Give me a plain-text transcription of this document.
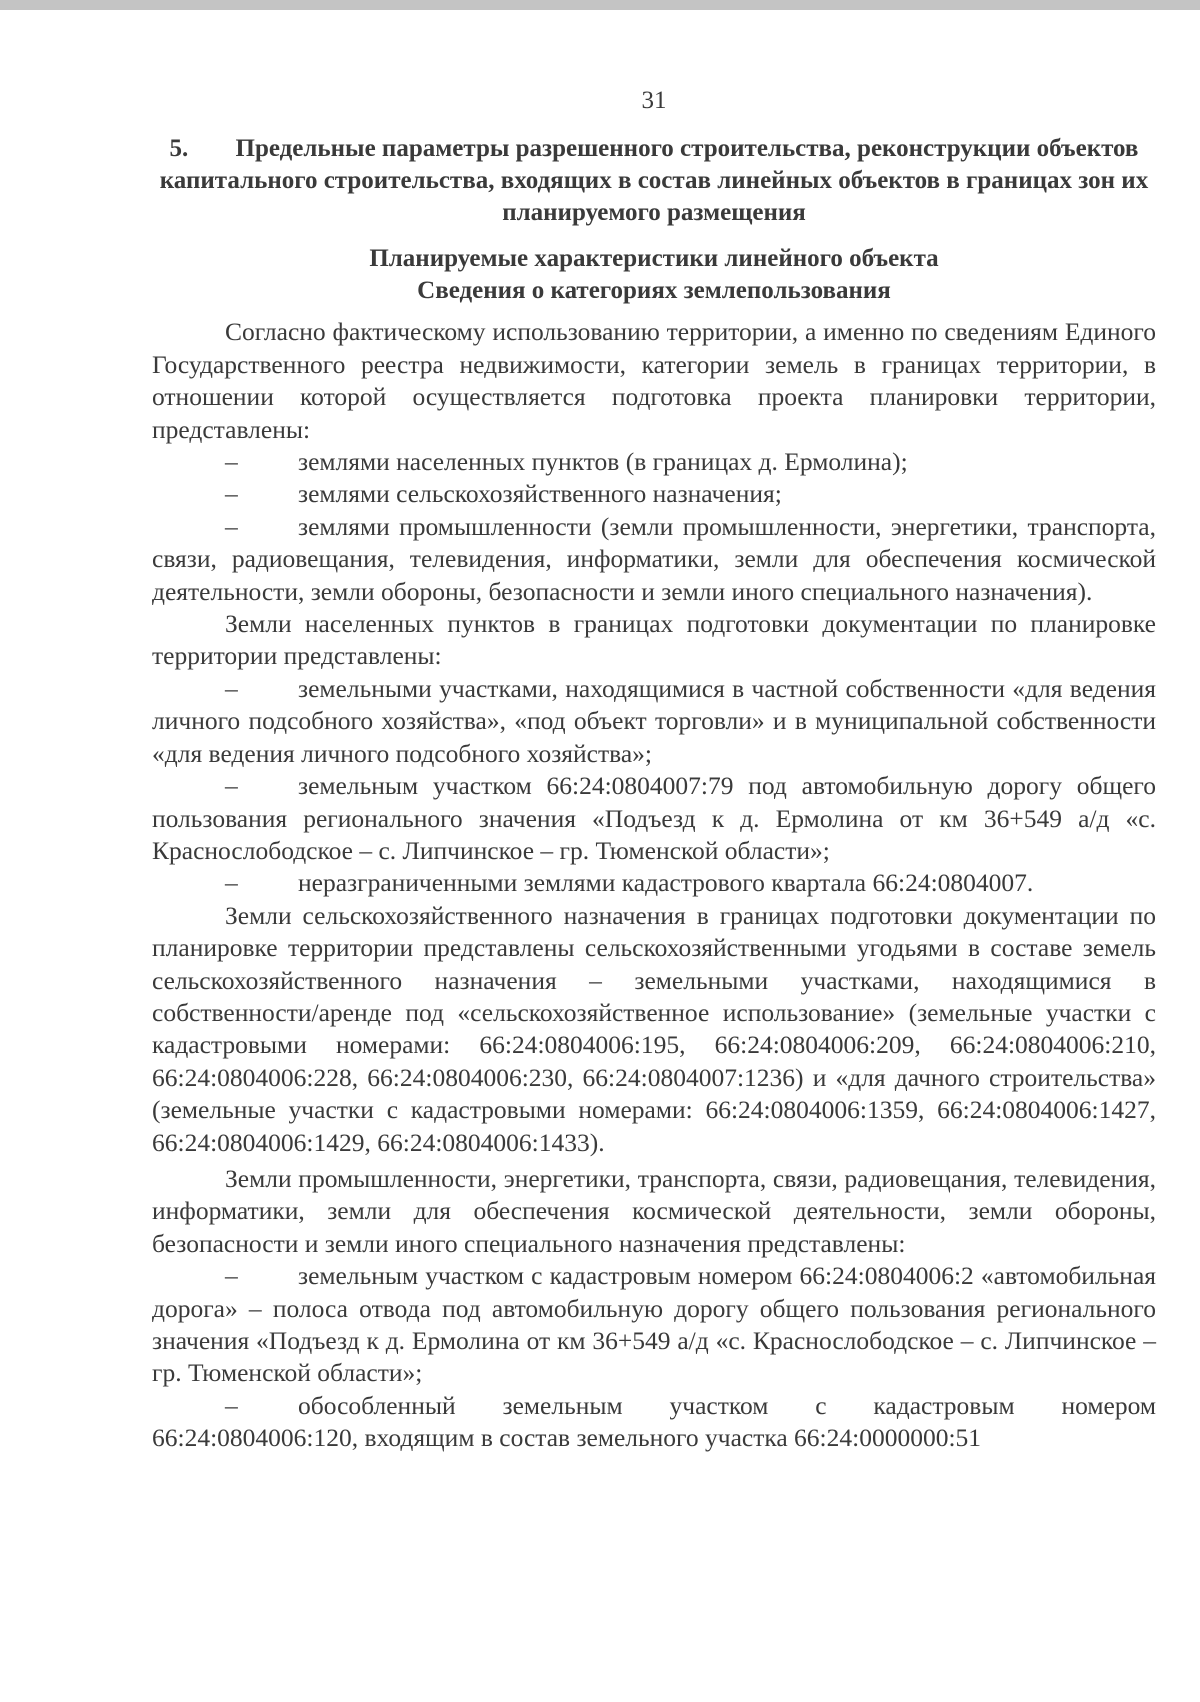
31
5. Предельные параметры разрешенного строительства, реконструкции объектов капитального строительства, входящих в состав линейных объектов в границах зон их планируемого размещения
Планируемые характеристики линейного объекта
Сведения о категориях землепользования

Согласно фактическому использованию территории, а именно по сведениям Единого Государственного реестра недвижимости, категории земель в границах территории, в отношении которой осуществляется подготовка проекта планировки территории, представлены:

– землями населенных пунктов (в границах д. Ермолина);
– землями сельскохозяйственного назначения;
– землями промышленности (земли промышленности, энергетики, транспорта, связи, радиовещания, телевидения, информатики, земли для обеспечения космической деятельности, земли обороны, безопасности и земли иного специального назначения).

Земли населенных пунктов в границах подготовки документации по планировке территории представлены:

– земельными участками, находящимися в частной собственности «для ведения личного подсобного хозяйства», «под объект торговли» и в муниципальной собственности «для ведения личного подсобного хозяйства»;
– земельным участком 66:24:0804007:79 под автомобильную дорогу общего пользования регионального значения «Подъезд к д. Ермолина от км 36+549 а/д «с. Краснослободское – с. Липчинское – гр. Тюменской области»;
– неразграниченными землями кадастрового квартала 66:24:0804007.

Земли сельскохозяйственного назначения в границах подготовки документации по планировке территории представлены сельскохозяйственными угодьями в составе земель сельскохозяйственного назначения – земельными участками, находящимися в собственности/аренде под «сельскохозяйственное использование» (земельные участки с кадастровыми номерами: 66:24:0804006:195, 66:24:0804006:209, 66:24:0804006:210, 66:24:0804006:228, 66:24:0804006:230, 66:24:0804007:1236) и «для дачного строительства» (земельные участки с кадастровыми номерами: 66:24:0804006:1359, 66:24:0804006:1427, 66:24:0804006:1429, 66:24:0804006:1433).

Земли промышленности, энергетики, транспорта, связи, радиовещания, телевидения, информатики, земли для обеспечения космической деятельности, земли обороны, безопасности и земли иного специального назначения представлены:

– земельным участком с кадастровым номером 66:24:0804006:2 «автомобильная дорога» – полоса отвода под автомобильную дорогу общего пользования регионального значения «Подъезд к д. Ермолина от км 36+549 а/д «с. Краснослободское – с. Липчинское – гр. Тюменской области»;
– обособленный земельным участком с кадастровым номером 66:24:0804006:120, входящим в состав земельного участка 66:24:0000000:51
